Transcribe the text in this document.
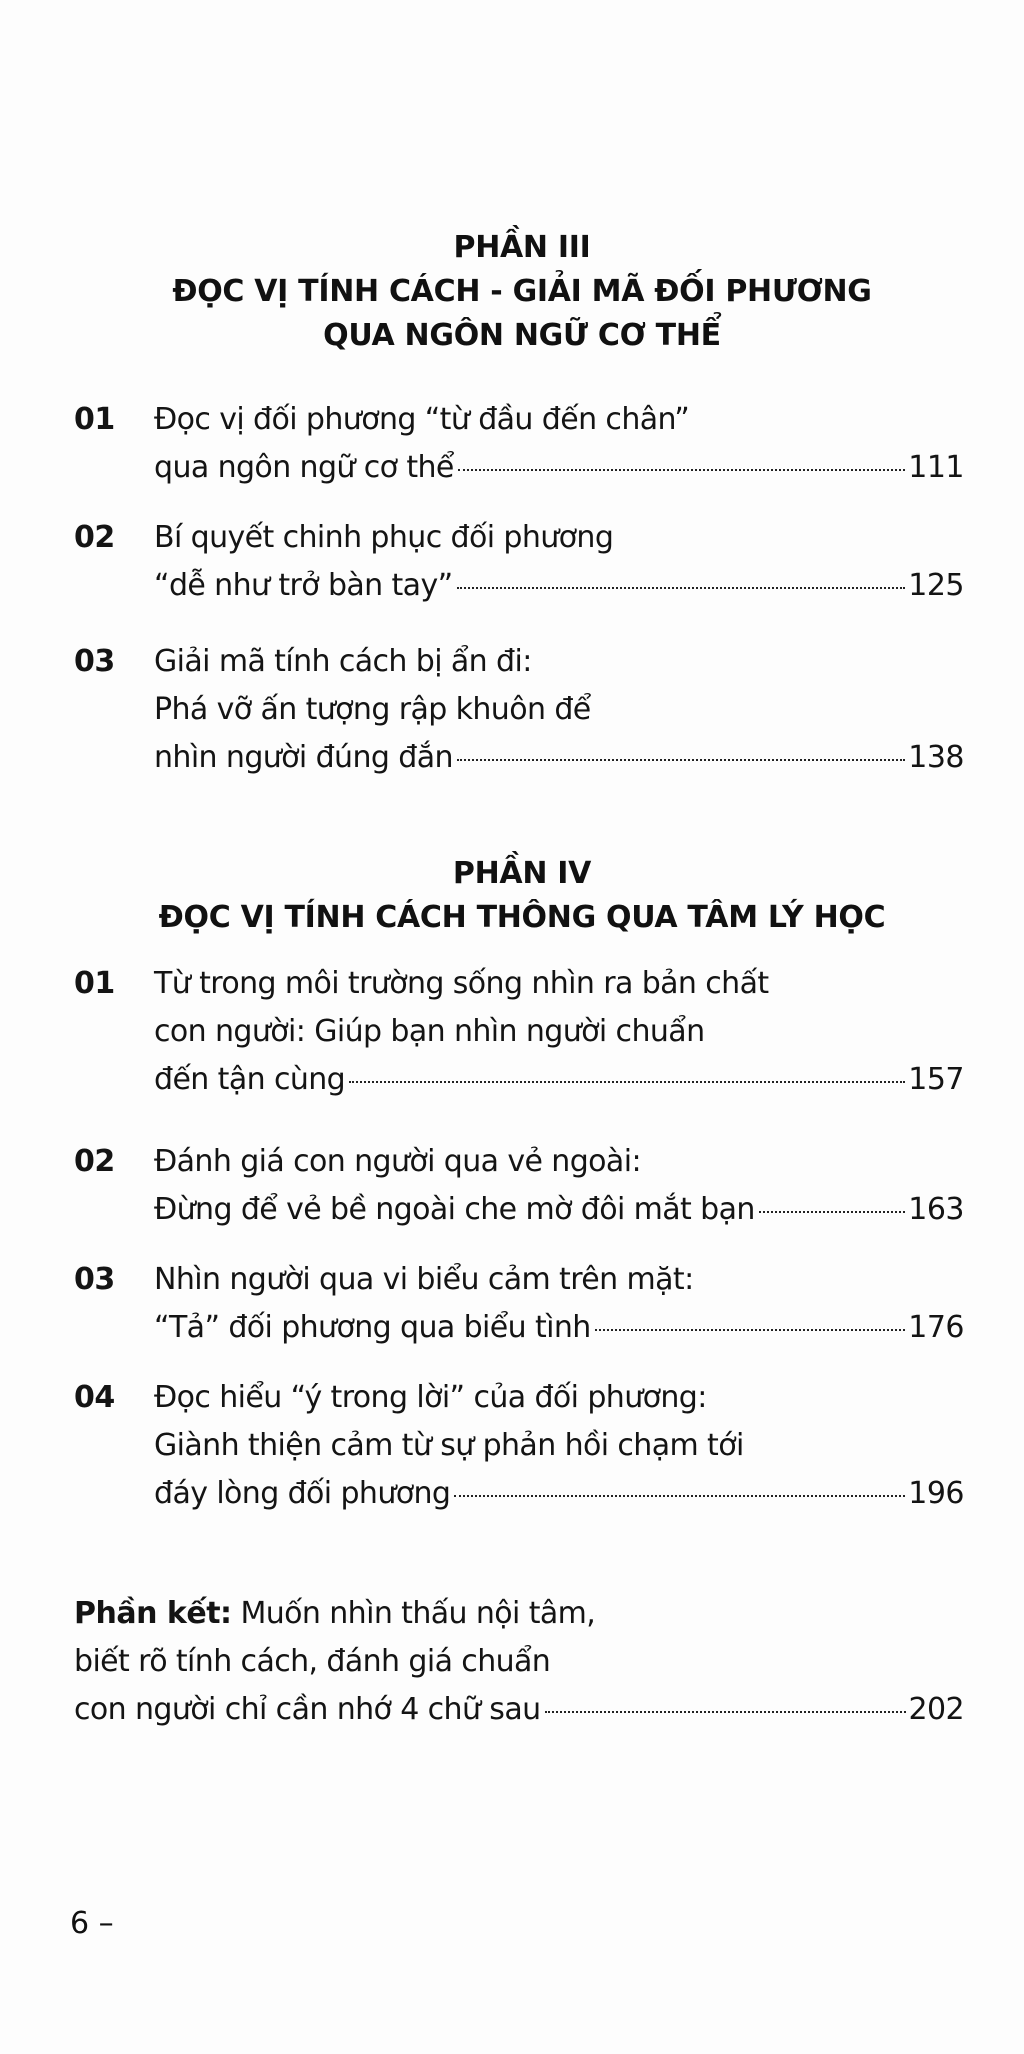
PHẦN III
ĐỌC VỊ TÍNH CÁCH - GIẢI MÃ ĐỐI PHƯƠNG
QUA NGÔN NGỮ CƠ THỂ
01 Đọc vị đối phương “từ đầu đến chân”
qua ngôn ngữ cơ thể	111
02 Bí quyết chinh phục đối phương
“dễ như trở bàn tay”	125
03 Giải mã tính cách bị ẩn đi:
Phá vỡ ấn tượng rập khuôn để
nhìn người đúng đắn	138
PHẦN IV
ĐỌC VỊ TÍNH CÁCH THÔNG QUA TÂM LÝ HỌC
01 Từ trong môi trường sống nhìn ra bản chất
con người: Giúp bạn nhìn người chuẩn
đến tận cùng	157
02 Đánh giá con người qua vẻ ngoài:
Đừng để vẻ bề ngoài che mờ đôi mắt bạn	163
03 Nhìn người qua vi biểu cảm trên mặt:
“Tả” đối phương qua biểu tình	176
04 Đọc hiểu “ý trong lời” của đối phương:
Giành thiện cảm từ sự phản hồi chạm tới
đáy lòng đối phương	196
Phần kết: Muốn nhìn thấu nội tâm,
biết rõ tính cách, đánh giá chuẩn
con người chỉ cần nhớ 4 chữ sau	202
6 –
